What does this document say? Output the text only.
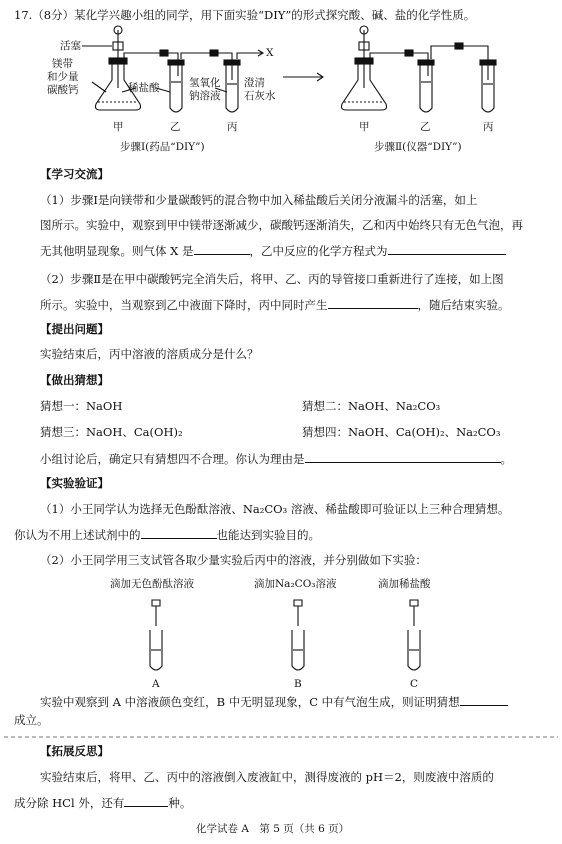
17.（8分）某化学兴趣小组的同学，用下面实验“DIY”的形式探究酸、碱、盐的化学性质。
活塞
X
镁带
和少量
碳酸钙	稀盐酸	氢氧化
钠溶液
澄清
石灰水
甲	乙	丙
步骤Ⅰ(药品“DIY”)
甲	乙	丙
步骤Ⅱ(仪器“DIY”)
【学习交流】
（1）步骤Ⅰ是向镁带和少量碳酸钙的混合物中加入稀盐酸后关闭分液漏斗的活塞，如上
图所示。实验中，观察到甲中镁带逐渐减少，碳酸钙逐渐消失，乙和丙中始终只有无色气泡，再
无其他明显现象。则气体 X 是	，乙中反应的化学方程式为
（2）步骤Ⅱ是在甲中碳酸钙完全消失后，将甲、乙、丙的导管接口重新进行了连接，如上图
所示。实验中，当观察到乙中液面下降时，丙中同时产生	，随后结束实验。
【提出问题】
实验结束后，丙中溶液的溶质成分是什么？
【做出猜想】
猜想一：NaOH	猜想二：NaOH、Na₂CO₃
猜想三：NaOH、Ca(OH)₂	猜想四：NaOH、Ca(OH)₂、Na₂CO₃
小组讨论后，确定只有猜想四不合理。你认为理由是	。
【实验验证】
（1）小王同学认为选择无色酚酞溶液、Na₂CO₃ 溶液、稀盐酸即可验证以上三种合理猜想。
你认为不用上述试剂中的	也能达到实验目的。
（2）小王同学用三支试管各取少量实验后丙中的溶液，并分别做如下实验：
滴加无色酚酞溶液	滴加Na₂CO₃溶液	滴加稀盐酸
A	B	C
实验中观察到 A 中溶液颜色变红，B 中无明显现象，C 中有气泡生成，则证明猜想
成立。
【拓展反思】
实验结束后，将甲、乙、丙中的溶液倒入废液缸中，测得废液的 pH＝2，则废液中溶质的
成分除 HCl 外，还有	种。
化学试卷 A　第 5 页（共 6 页）
